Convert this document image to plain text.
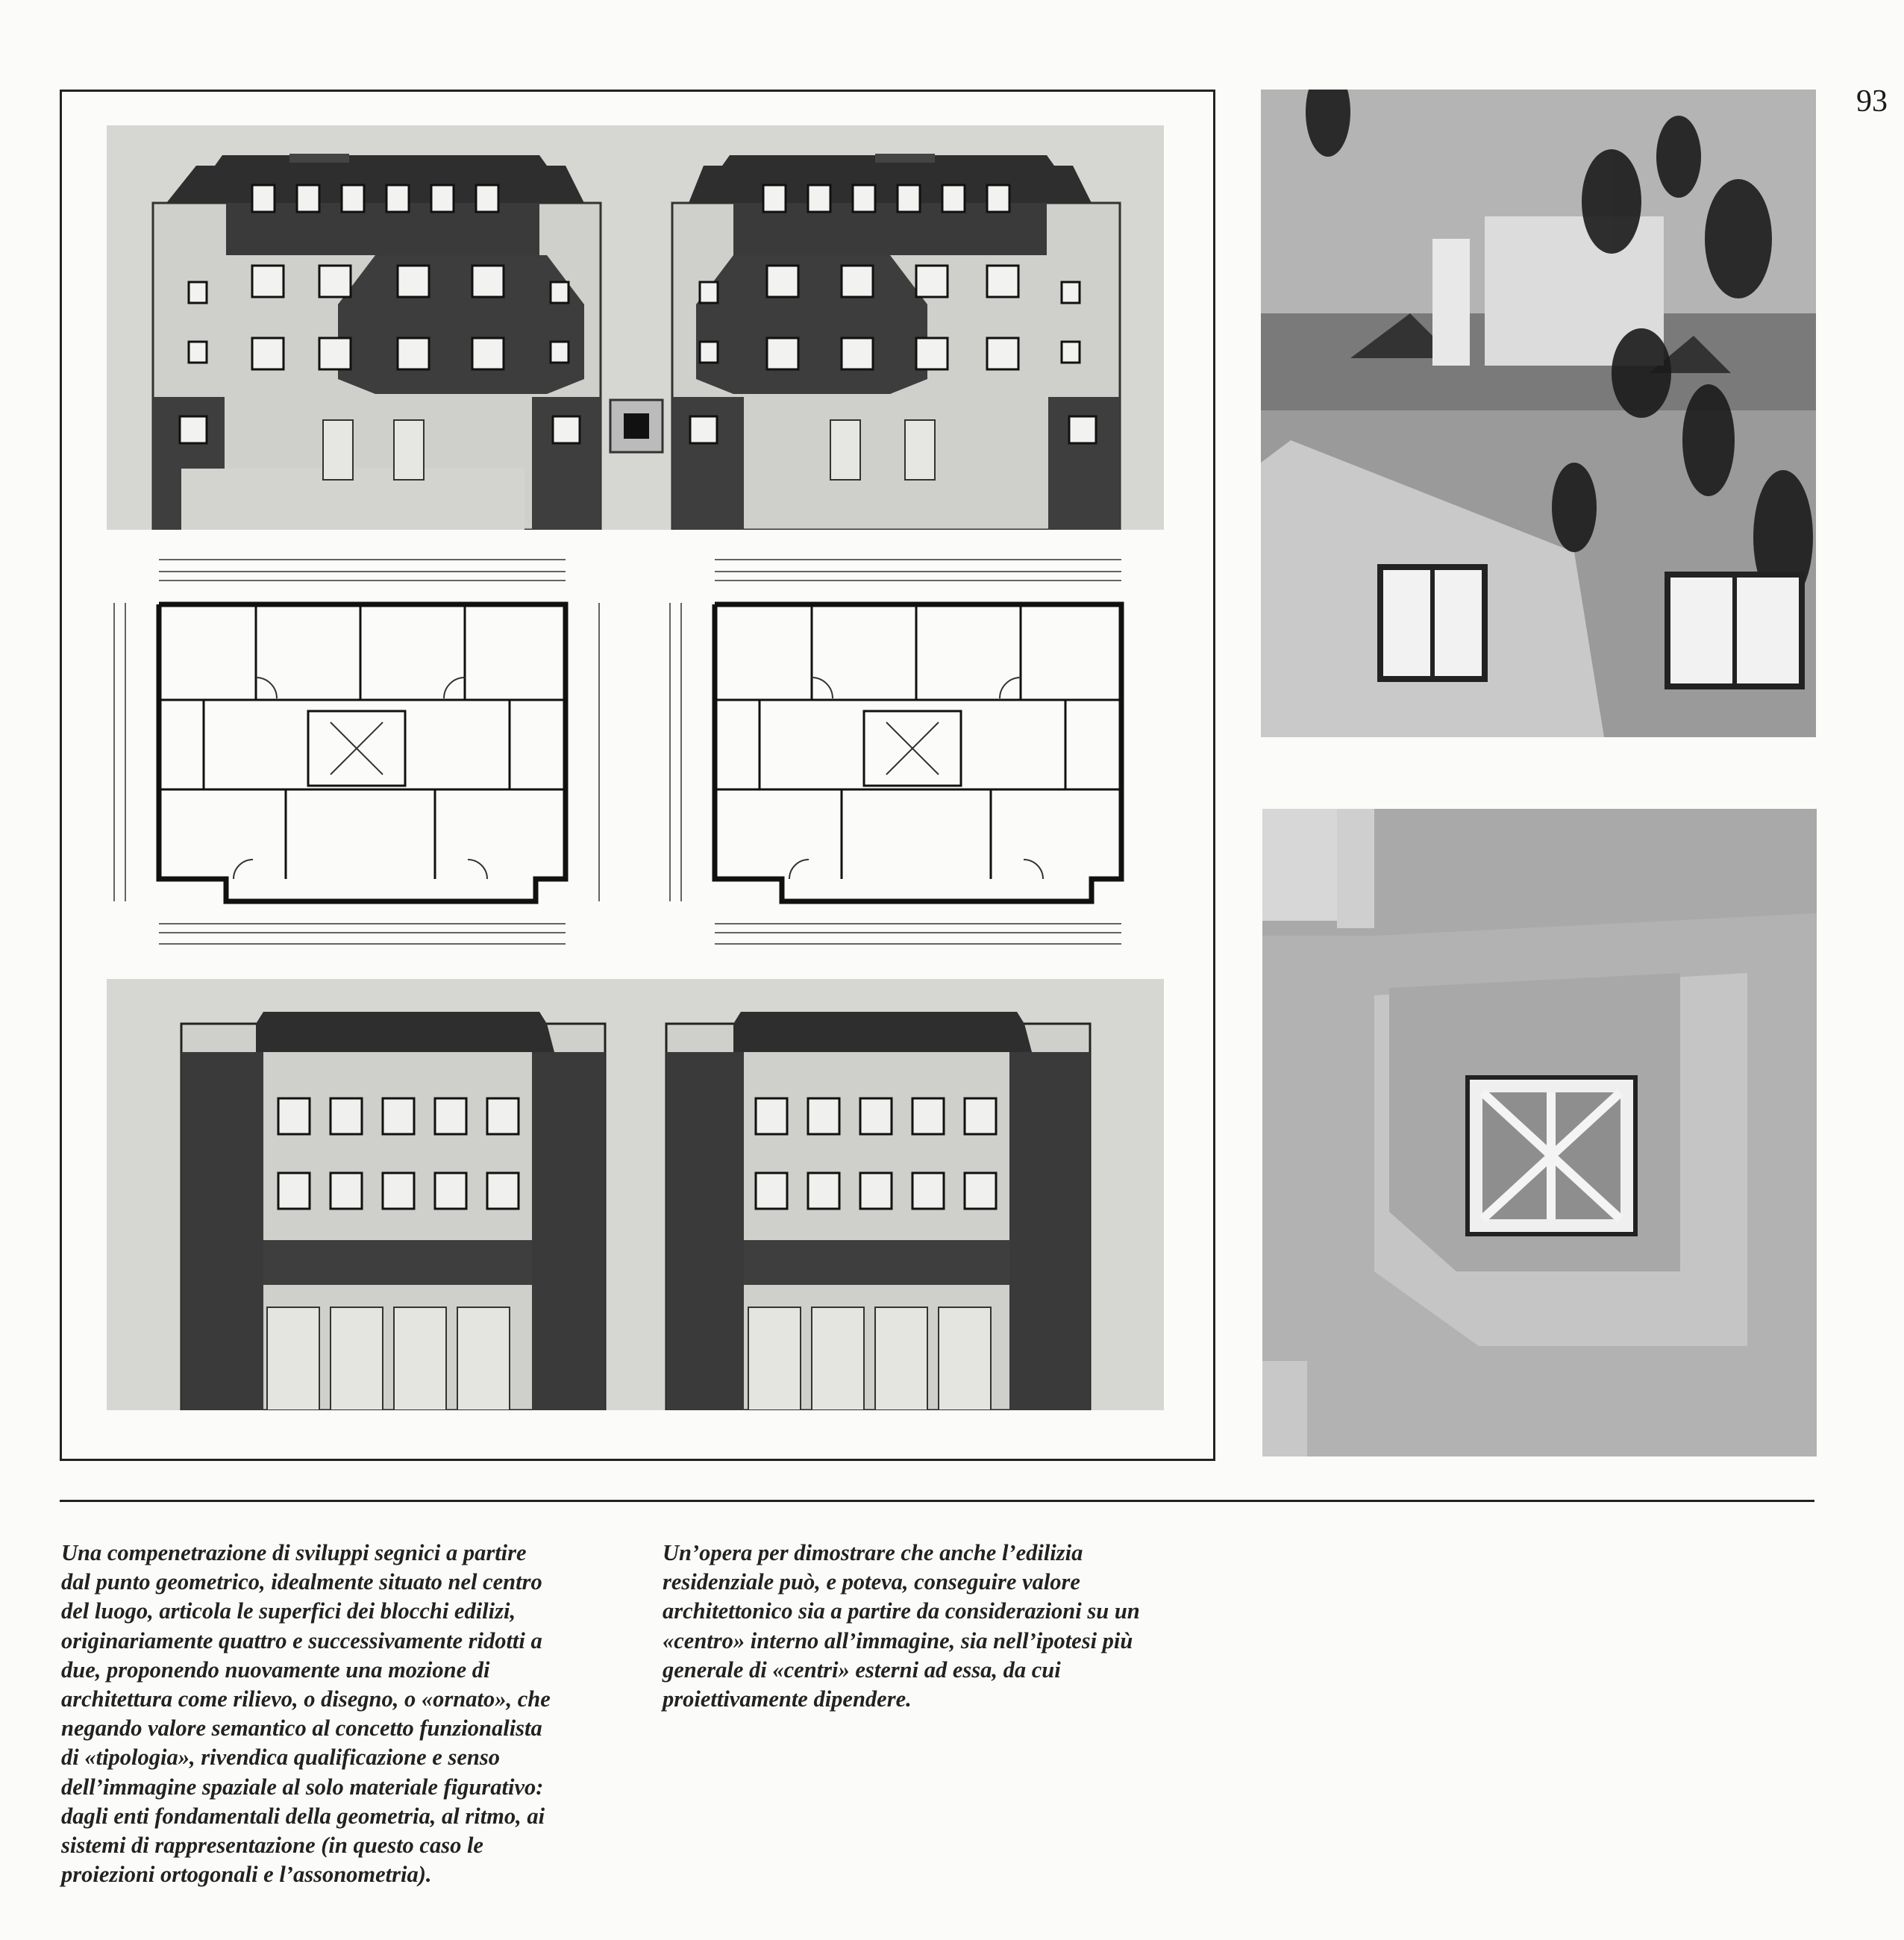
93

Una compenetrazione di sviluppi segnici a partire
dal punto geometrico, idealmente situato nel centro
del luogo, articola le superfici dei blocchi edilizi,
originariamente quattro e successivamente ridotti a
due, proponendo nuovamente una mozione di
architettura come rilievo, o disegno, o «ornato», che
negando valore semantico al concetto funzionalista
di «tipologia», rivendica qualificazione e senso
dell’immagine spaziale al solo materiale figurativo:
dagli enti fondamentali della geometria, al ritmo, ai
sistemi di rappresentazione (in questo caso le
proiezioni ortogonali e l’assonometria).

Un’opera per dimostrare che anche l’edilizia
residenziale può, e poteva, conseguire valore
architettonico sia a partire da considerazioni su un
«centro» interno all’immagine, sia nell’ipotesi più
generale di «centri» esterni ad essa, da cui
proiettivamente dipendere.
